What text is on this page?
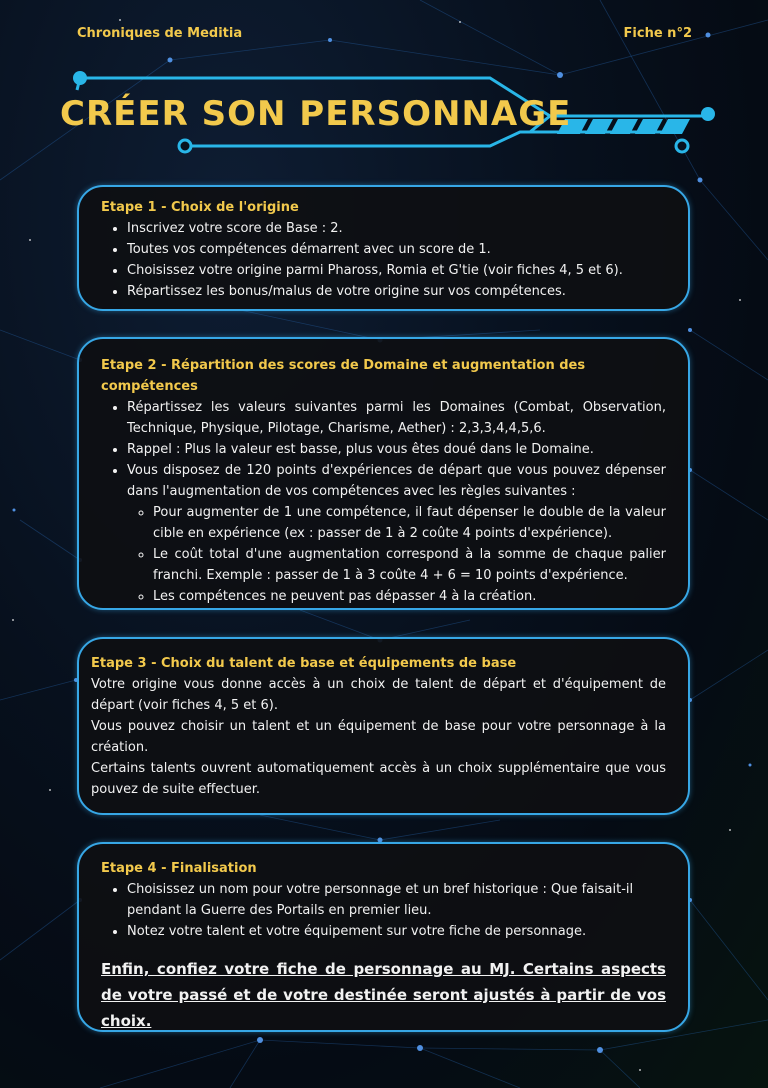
Chroniques de Meditia	Fiche n°2
CRÉER SON PERSONNAGE
Etape 1 - Choix de l'origine
• Inscrivez votre score de Base : 2.
• Toutes vos compétences démarrent avec un score de 1.
• Choisissez votre origine parmi Phaross, Romia et G'tie (voir fiches 4, 5 et 6).
• Répartissez les bonus/malus de votre origine sur vos compétences.
Etape 2 - Répartition des scores de Domaine et augmentation des compétences
• Répartissez les valeurs suivantes parmi les Domaines (Combat, Observation, Technique, Physique, Pilotage, Charisme, Aether) : 2,3,3,4,4,5,6.
• Rappel : Plus la valeur est basse, plus vous êtes doué dans le Domaine.
• Vous disposez de 120 points d'expériences de départ que vous pouvez dépenser dans l'augmentation de vos compétences avec les règles suivantes :
◦ Pour augmenter de 1 une compétence, il faut dépenser le double de la valeur cible en expérience (ex : passer de 1 à 2 coûte 4 points d'expérience).
◦ Le coût total d'une augmentation correspond à la somme de chaque palier franchi. Exemple : passer de 1 à 3 coûte 4 + 6 = 10 points d'expérience.
◦ Les compétences ne peuvent pas dépasser 4 à la création.
Etape 3 - Choix du talent de base et équipements de base

Votre origine vous donne accès à un choix de talent de départ et d'équipement de départ (voir fiches 4, 5 et 6).

Vous pouvez choisir un talent et un équipement de base pour votre personnage à la création.

Certains talents ouvrent automatiquement accès à un choix supplémentaire que vous pouvez de suite effectuer.

Etape 4 - Finalisation
• Choisissez un nom pour votre personnage et un bref historique : Que faisait-il pendant la Guerre des Portails en premier lieu.
• Notez votre talent et votre équipement sur votre fiche de personnage.

Enfin, confiez votre fiche de personnage au MJ. Certains aspects de votre passé et de votre destinée seront ajustés à partir de vos choix.
